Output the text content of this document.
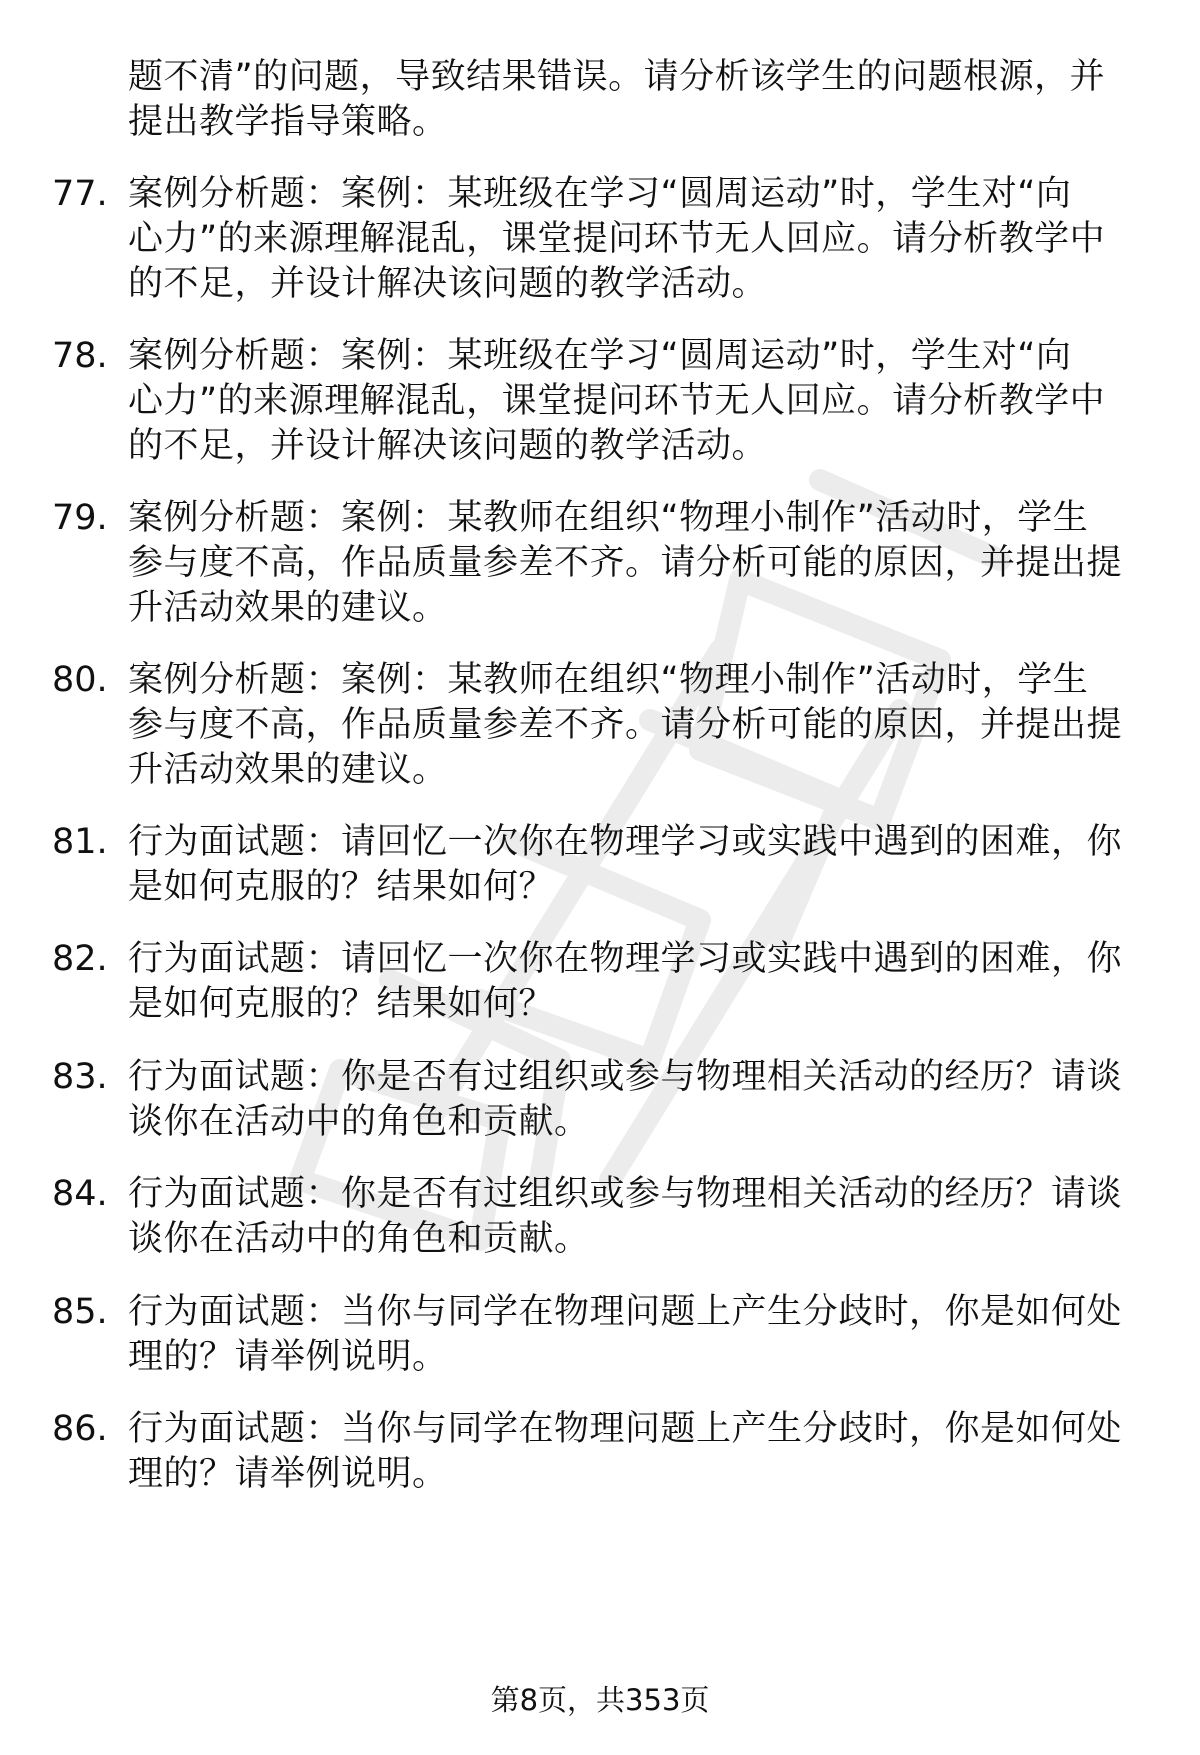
题不清”的问题，导致结果错误。请分析该学生的问题根源，并
提出教学指导策略。
77. 案例分析题：案例：某班级在学习“圆周运动”时，学生对“向
心力”的来源理解混乱，课堂提问环节无人回应。请分析教学中
的不足，并设计解决该问题的教学活动。
78. 案例分析题：案例：某班级在学习“圆周运动”时，学生对“向
心力”的来源理解混乱，课堂提问环节无人回应。请分析教学中
的不足，并设计解决该问题的教学活动。
79. 案例分析题：案例：某教师在组织“物理小制作”活动时，学生
参与度不高，作品质量参差不齐。请分析可能的原因，并提出提
升活动效果的建议。
80. 案例分析题：案例：某教师在组织“物理小制作”活动时，学生
参与度不高，作品质量参差不齐。请分析可能的原因，并提出提
升活动效果的建议。
81. 行为面试题：请回忆一次你在物理学习或实践中遇到的困难，你
是如何克服的？结果如何？
82. 行为面试题：请回忆一次你在物理学习或实践中遇到的困难，你
是如何克服的？结果如何？
83. 行为面试题：你是否有过组织或参与物理相关活动的经历？请谈
谈你在活动中的角色和贡献。
84. 行为面试题：你是否有过组织或参与物理相关活动的经历？请谈
谈你在活动中的角色和贡献。
85. 行为面试题：当你与同学在物理问题上产生分歧时，你是如何处
理的？请举例说明。
86. 行为面试题：当你与同学在物理问题上产生分歧时，你是如何处
理的？请举例说明。
第8页，共353页
